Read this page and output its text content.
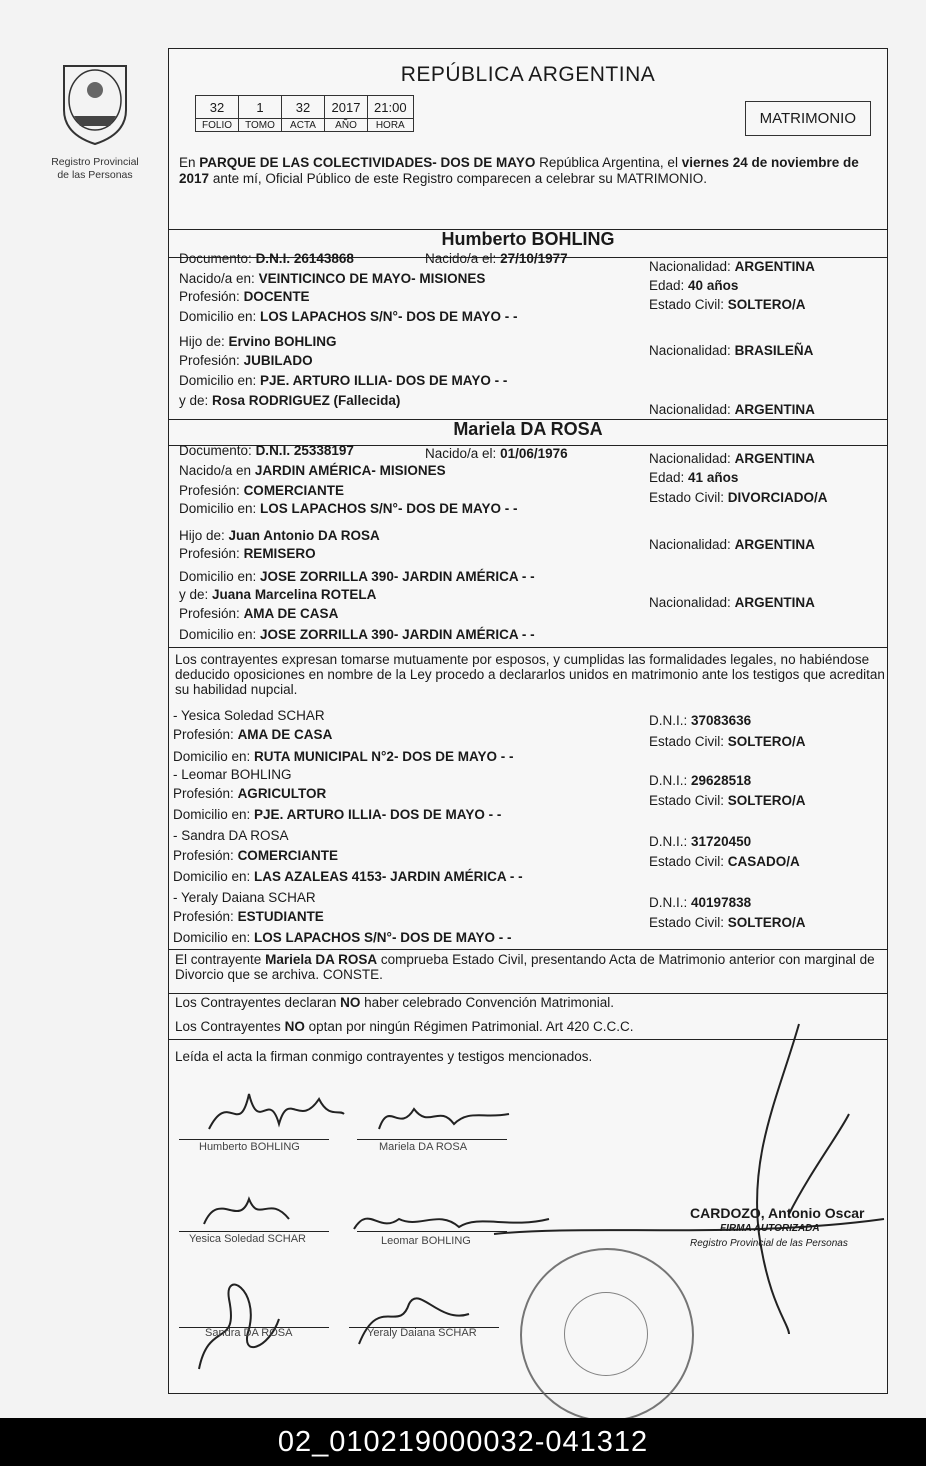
Registro Provincial
de las Personas
REPÚBLICA ARGENTINA
32	1	32	2017	21:00
FOLIO	TOMO	ACTA	AÑO	HORA	MATRIMONIO
En PARQUE DE LAS COLECTIVIDADES- DOS DE MAYO República Argentina, el viernes 24 de noviembre de 2017 ante mí, Oficial Público de este Registro comparecen a celebrar su MATRIMONIO.
Humberto BOHLING
Documento: D.N.I. 26143868	Nacido/a el: 27/10/1977
Nacido/a en: VEINTICINCO DE MAYO- MISIONES
Profesión: DOCENTE
Domicilio en: LOS LAPACHOS S/N°- DOS DE MAYO - -
Nacionalidad: ARGENTINA
Edad: 40 años
Estado Civil: SOLTERO/A
Hijo de: Ervino BOHLING
Profesión: JUBILADO
Domicilio en: PJE. ARTURO ILLIA- DOS DE MAYO - -
Nacionalidad: BRASILEÑA
y de: Rosa RODRIGUEZ (Fallecida)
Nacionalidad: ARGENTINA
Mariela DA ROSA
Documento: D.N.I. 25338197	Nacido/a el: 01/06/1976
Nacido/a en JARDIN AMÉRICA- MISIONES
Profesión: COMERCIANTE
Domicilio en: LOS LAPACHOS S/N°- DOS DE MAYO - -
Nacionalidad: ARGENTINA
Edad: 41 años
Estado Civil: DIVORCIADO/A
Hijo de: Juan Antonio DA ROSA
Profesión: REMISERO
Domicilio en: JOSE ZORRILLA 390- JARDIN AMÉRICA - -
Nacionalidad: ARGENTINA
y de: Juana Marcelina ROTELA
Profesión: AMA DE CASA
Domicilio en: JOSE ZORRILLA 390- JARDIN AMÉRICA - -
Nacionalidad: ARGENTINA
Los contrayentes expresan tomarse mutuamente por esposos, y cumplidas las formalidades legales, no habiéndose deducido oposiciones en nombre de la Ley procedo a declararlos unidos en matrimonio ante los testigos que acreditan su habilidad nupcial.
- Yesica Soledad SCHAR
Profesión: AMA DE CASA
Domicilio en: RUTA MUNICIPAL N°2- DOS DE MAYO - -
D.N.I.: 37083636
Estado Civil: SOLTERO/A
- Leomar BOHLING
Profesión: AGRICULTOR
Domicilio en: PJE. ARTURO ILLIA- DOS DE MAYO - -
D.N.I.: 29628518
Estado Civil: SOLTERO/A
- Sandra DA ROSA
Profesión: COMERCIANTE
Domicilio en: LAS AZALEAS 4153- JARDIN AMÉRICA - -
D.N.I.: 31720450
Estado Civil: CASADO/A
- Yeraly Daiana SCHAR
Profesión: ESTUDIANTE
Domicilio en: LOS LAPACHOS S/N°- DOS DE MAYO - -
D.N.I.: 40197838
Estado Civil: SOLTERO/A
El contrayente Mariela DA ROSA comprueba Estado Civil, presentando Acta de Matrimonio anterior con marginal de Divorcio que se archiva. CONSTE.
Los Contrayentes declaran NO haber celebrado Convención Matrimonial.
Los Contrayentes NO optan por ningún Régimen Patrimonial. Art 420 C.C.C.
Leída el acta la firman conmigo contrayentes y testigos mencionados.
Humberto BOHLING	Mariela DA ROSA
Yesica Soledad SCHAR	Leomar BOHLING
Sandra DA ROSA	Yeraly Daiana SCHAR
CARDOZO, Antonio Oscar
FIRMA AUTORIZADA
Registro Provincial de las Personas
02_010219000032-041312
